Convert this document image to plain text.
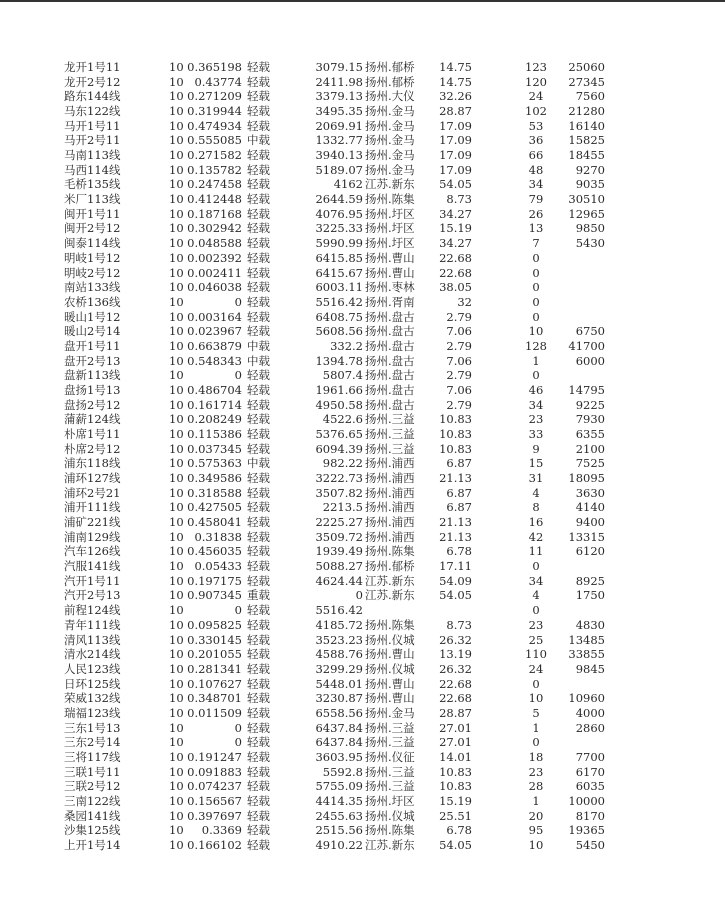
龙开1号11	10 0.365198 轻载	3079.15 扬州.郁桥	14.75	123	25060
龙开2号12	10 0.43774 轻载	2411.98 扬州.郁桥	14.75	120	27345
路东144线	10 0.271209 轻载	3379.13 扬州.大仪	32.26	24	7560
马东122线	10 0.319944 轻载	3495.35 扬州.金马	28.87	102	21280
马开1号11	10 0.474934 轻载	2069.91 扬州.金马	17.09	53	16140
马开2号11	10 0.555085 中载	1332.77 扬州.金马	17.09	36	15825
马南113线	10 0.271582 轻载	3940.13 扬州.金马	17.09	66	18455
马西114线	10 0.135782 轻载	5189.07 扬州.金马	17.09	48	9270
毛桥135线	10 0.247458 轻载	4162 江苏.新东	54.05	34	9035
米厂113线	10 0.412448 轻载	2644.59 扬州.陈集	8.73	79	30510
闽开1号11	10 0.187168 轻载	4076.95 扬州.圩区	34.27	26	12965
闽开2号12	10 0.302942 轻载	3225.33 扬州.圩区	15.19	13	9850
闽泰114线	10 0.048588 轻载	5990.99 扬州.圩区	34.27	7	5430
明岐1号12	10 0.002392 轻载	6415.85 扬州.曹山	22.68	0
明岐2号12	10 0.002411 轻载	6415.67 扬州.曹山	22.68	0
南站133线	10 0.046038 轻载	6003.11 扬州.枣林	38.05	0
农桥136线	10	0 轻载	5516.42 扬州.胥南	32	0
暖山1号12	10 0.003164 轻载	6408.75 扬州.盘古	2.79	0
暖山2号14	10 0.023967 轻载	5608.56 扬州.盘古	7.06	10	6750
盘开1号11	10 0.663879 中载	332.2 扬州.盘古	2.79	128	41700
盘开2号13	10 0.548343 中载	1394.78 扬州.盘古	7.06	1	6000
盘新113线	10	0 轻载	5807.4 扬州.盘古	2.79	0
盘扬1号13	10 0.486704 轻载	1961.66 扬州.盘古	7.06	46	14795
盘扬2号12	10 0.161714 轻载	4950.58 扬州.盘古	2.79	34	9225
蒲薪124线	10 0.208249 轻载	4522.6 扬州.三益	10.83	23	7930
朴席1号11	10 0.115386 轻载	5376.65 扬州.三益	10.83	33	6355
朴席2号12	10 0.037345 轻载	6094.39 扬州.三益	10.83	9	2100
浦东118线	10 0.575363 中载	982.22 扬州.浦西	6.87	15	7525
浦环127线	10 0.349586 轻载	3222.73 扬州.浦西	21.13	31	18095
浦环2号21	10 0.318588 轻载	3507.82 扬州.浦西	6.87	4	3630
浦开111线	10 0.427505 轻载	2213.5 扬州.浦西	6.87	8	4140
浦矿221线	10 0.458041 轻载	2225.27 扬州.浦西	21.13	16	9400
浦南129线	10 0.31838 轻载	3509.72 扬州.浦西	21.13	42	13315
汽车126线	10 0.456035 轻载	1939.49 扬州.陈集	6.78	11	6120
汽服141线	10 0.05433 轻载	5088.27 扬州.郁桥	17.11	0
汽开1号11	10 0.197175 轻载	4624.44 江苏.新东	54.09	34	8925
汽开2号13	10 0.907345 重载	0 江苏.新东	54.05	4	1750
前程124线	10	0 轻载	5516.42	0
青年111线	10 0.095825 轻载	4185.72 扬州.陈集	8.73	23	4830
清风113线	10 0.330145 轻载	3523.23 扬州.仪城	26.32	25	13485
清水214线	10 0.201055 轻载	4588.76 扬州.曹山	13.19	110	33855
人民123线	10 0.281341 轻载	3299.29 扬州.仪城	26.32	24	9845
日环125线	10 0.107627 轻载	5448.01 扬州.曹山	22.68	0
荣威132线	10 0.348701 轻载	3230.87 扬州.曹山	22.68	10	10960
瑞福123线	10 0.011509 轻载	6558.56 扬州.金马	28.87	5	4000
三东1号13	10	0 轻载	6437.84 扬州.三益	27.01	1	2860
三东2号14	10	0 轻载	6437.84 扬州.三益	27.01	0
三将117线	10 0.191247 轻载	3603.95 扬州.仪征	14.01	18	7700
三联1号11	10 0.091883 轻载	5592.8 扬州.三益	10.83	23	6170
三联2号12	10 0.074237 轻载	5755.09 扬州.三益	10.83	28	6035
三南122线	10 0.156567 轻载	4414.35 扬州.圩区	15.19	1	10000
桑园141线	10 0.397697 轻载	2455.63 扬州.仪城	25.51	20	8170
沙集125线	10	0.3369 轻载	2515.56 扬州.陈集	6.78	95	19365
上开1号14	10 0.166102 轻载	4910.22 江苏.新东	54.05	10	5450
